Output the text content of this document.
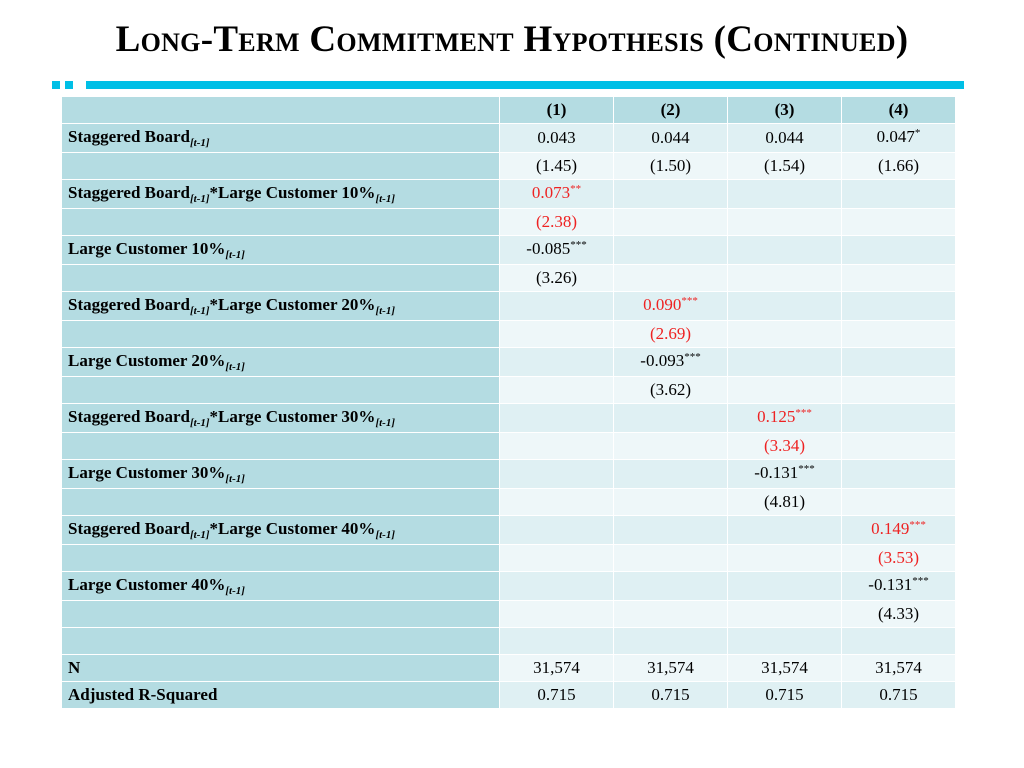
Long-Term Commitment Hypothesis (Continued)
	(1)	(2)	(3)	(4)
Staggered Board$_{[t-1]}$	0.043	0.044	0.044	0.047*
	(1.45)	(1.50)	(1.54)	(1.66)
Staggered Board$_{[t-1]}$*Large Customer $10\%_{[t-1]}$	0.073**			
	(2.38)			
Large Customer $10\%_{[t-1]}$	-0.085***			
	(3.26)			
Staggered Board$_{[t-1]}$*Large Customer $20\%_{[t-1]}$		0.090***		
		(2.69)		
Large Customer $20\%_{[t-1]}$		-0.093***		
		(3.62)		
Staggered Board$_{[t-1]}$*Large Customer $30\%_{[t-1]}$			0.125***	
			(3.34)	
Large Customer $30\%_{[t-1]}$			-0.131***	
			(4.81)	
Staggered Board$_{[t-1]}$*Large Customer $40\%_{[t-1]}$				0.149***
				(3.53)
Large Customer $40\%_{[t-1]}$				-0.131***
				(4.33)

N	31,574	31,574	31,574	31,574
Adjusted R-Squared	0.715	0.715	0.715	0.715
